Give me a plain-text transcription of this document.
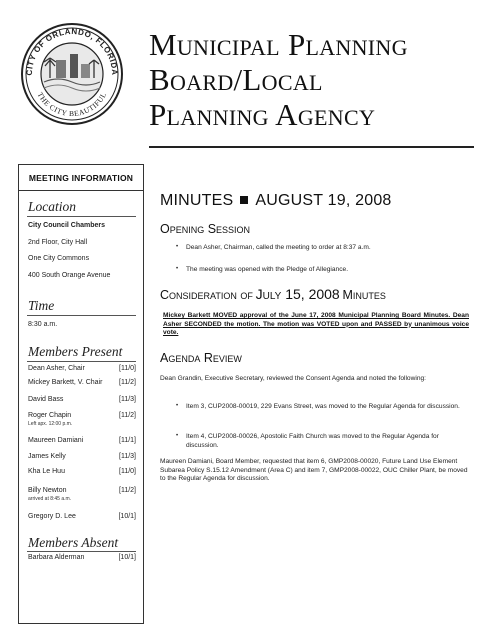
CITY OF ORLANDO, FLORIDA
THE CITY BEAUTIFUL
Municipal Planning
Board/Local
Planning Agency
MEETING INFORMATION
Location
City Council Chambers
2nd Floor, City Hall
One City Commons
400 South Orange Avenue
Time
8:30 a.m.
Members Present
Dean Asher, Chair	[11/0]
Mickey Barkett, V. Chair [11/2]
David Bass	[11/3]
Roger Chapin	[11/2]
Left apx. 12:00 p.m.
Maureen Damiani	[11/1]
James Kelly	[11/3]
Kha Le Huu	[11/0]
Billy Newton	[11/2]
arrived at 8:45 a.m.
Gregory D. Lee	[10/1]
Members Absent
Barbara Alderman	[10/1]
MINUTES AUGUST 19, 2008
Opening Session
• Dean Asher, Chairman, called the meeting to order at 8:37 a.m.
• The meeting was opened with the Pledge of Allegiance.
Consideration of July 15, 2008 Minutes
Mickey Barkett MOVED approval of the June 17, 2008 Municipal Planning Board Minutes. Dean Asher SECONDED the motion. The motion was VOTED upon and PASSED by unanimous voice vote.
Agenda Review
Dean Grandin, Executive Secretary, reviewed the Consent Agenda and noted the following:
• Item 3, CUP2008-00019, 229 Evans Street, was moved to the Regular Agenda for discussion.
• Item 4, CUP2008-00026, Apostolic Faith Church was moved to the Regular Agenda for discussion.
Maureen Damiani, Board Member, requested that item 6, GMP2008-00020, Future Land Use Element Subarea Policy S.15.12 Amendment (Area C) and item 7, GMP2008-00022, OUC Chiller Plant, be moved to the Regular Agenda for discussion.
